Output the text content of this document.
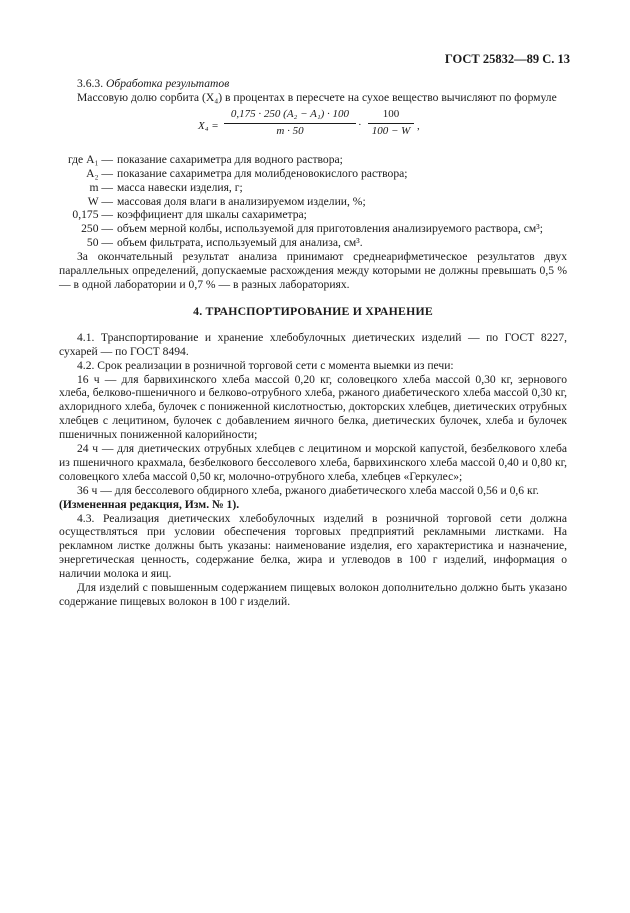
ГОСТ 25832—89 С. 13

3.6.3. Обработка результатов

Массовую долю сорбита (X₄) в процентах в пересчете на сухое вещество вычисляют по формуле

$X_4 = \frac{\text{0,175 · 250 (A₂ − A₁) · 100}}{m \cdot 50} \cdot \frac{100}{100 - W}$ ,
где A₁ — показание сахариметра для водного раствора;
A₂ — показание сахариметра для молибденовокислого раствора;
m — масса навески изделия, г;
W — массовая доля влаги в анализируемом изделии, %;
0,175 — коэффициент для шкалы сахариметра;
250 — объем мерной колбы, используемой для приготовления анализируемого раствора, см³;
50 — объем фильтрата, используемый для анализа, см³.

За окончательный результат анализа принимают среднеарифметическое результатов двух параллельных определений, допускаемые расхождения между которыми не должны превышать 0,5 % — в одной лаборатории и 0,7 % — в разных лабораториях.

4. ТРАНСПОРТИРОВАНИЕ И ХРАНЕНИЕ

4.1. Транспортирование и хранение хлебобулочных диетических изделий — по ГОСТ 8227, сухарей — по ГОСТ 8494.

4.2. Срок реализации в розничной торговой сети с момента выемки из печи:

16 ч — для барвихинского хлеба массой 0,20 кг, соловецкого хлеба массой 0,30 кг, зернового хлеба, белково-пшеничного и белково-отрубного хлеба, ржаного диабетического хлеба массой 0,30 кг, ахлоридного хлеба, булочек с пониженной кислотностью, докторских хлебцев, диетических отрубных хлебцев с лецитином, булочек с добавлением яичного белка, диетических булочек, хлеба и булочек пшеничных пониженной калорийности;

24 ч — для диетических отрубных хлебцев с лецитином и морской капустой, безбелкового хлеба из пшеничного крахмала, безбелкового бессолевого хлеба, барвихинского хлеба массой 0,40 и 0,80 кг, соловецкого хлеба массой 0,50 кг, молочно-отрубного хлеба, хлебцев «Геркулес»;

36 ч — для бессолевого обдирного хлеба, ржаного диабетического хлеба массой 0,56 и 0,6 кг.

(Измененная редакция, Изм. № 1).

4.3. Реализация диетических хлебобулочных изделий в розничной торговой сети должна осуществляться при условии обеспечения торговых предприятий рекламными листками. На рекламном листке должны быть указаны: наименование изделия, его характеристика и назначение, энергетическая ценность, содержание белка, жира и углеводов в 100 г изделий, информация о наличии молока и яиц.

Для изделий с повышенным содержанием пищевых волокон дополнительно должно быть указано содержание пищевых волокон в 100 г изделий.
